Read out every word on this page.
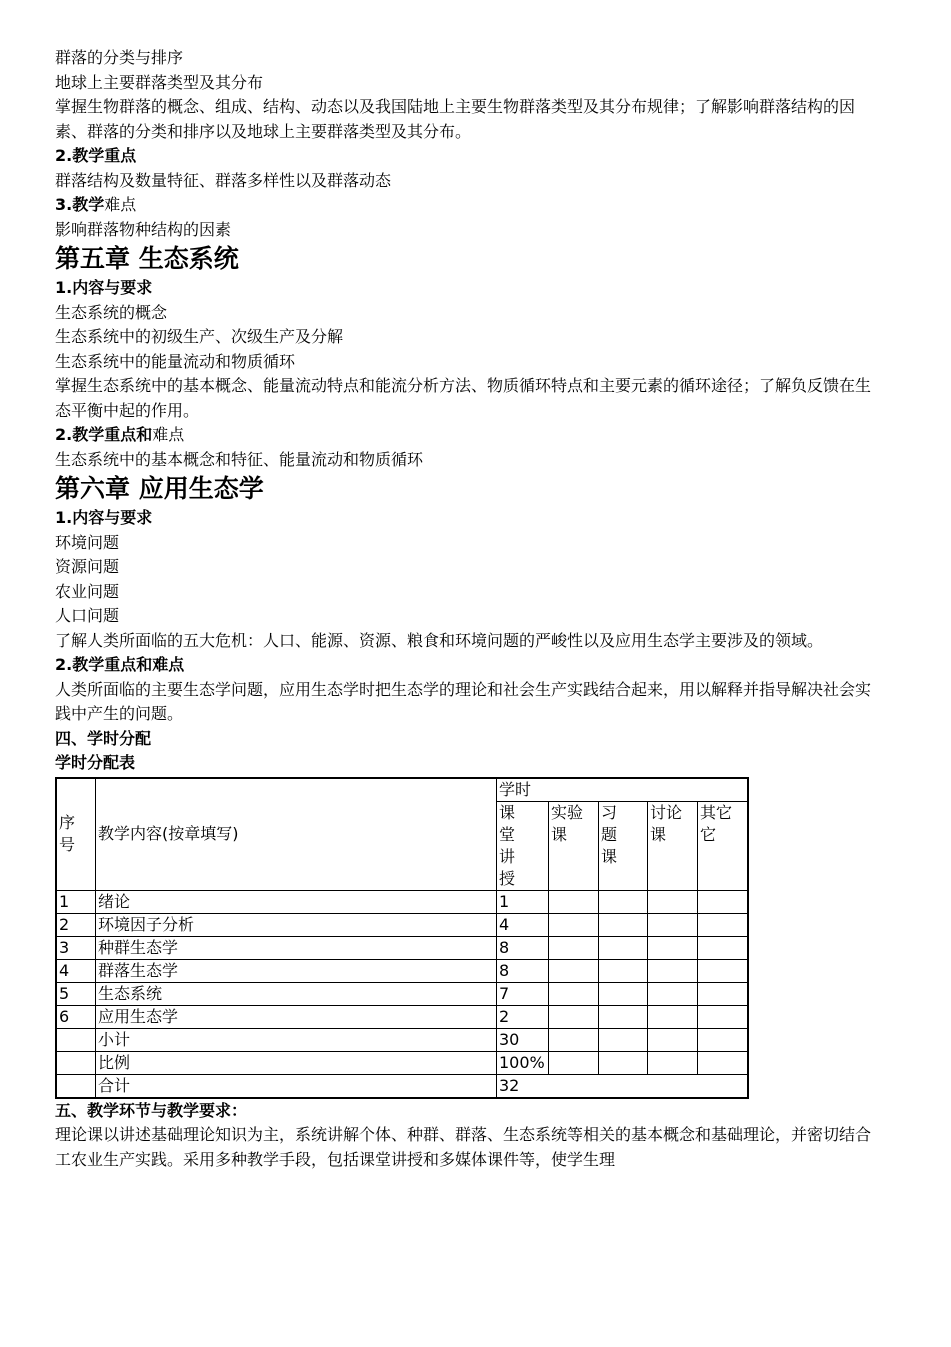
群落的分类与排序
地球上主要群落类型及其分布
掌握生物群落的概念、组成、结构、动态以及我国陆地上主要生物群落类型及其分布规律；了解影响群落结构的因素、群落的分类和排序以及地球上主要群落类型及其分布。
2.教学重点
群落结构及数量特征、群落多样性以及群落动态
3.教学难点
影响群落物种结构的因素
第五章 生态系统
1.内容与要求
生态系统的概念
生态系统中的初级生产、次级生产及分解
生态系统中的能量流动和物质循环
掌握生态系统中的基本概念、能量流动特点和能流分析方法、物质循环特点和主要元素的循环途径；了解负反馈在生态平衡中起的作用。
2.教学重点和难点
生态系统中的基本概念和特征、能量流动和物质循环
第六章 应用生态学
1.内容与要求
环境问题
资源问题
农业问题
人口问题
了解人类所面临的五大危机：人口、能源、资源、粮食和环境问题的严峻性以及应用生态学主要涉及的领域。
2.教学重点和难点
人类所面临的主要生态学问题，应用生态学时把生态学的理论和社会生产实践结合起来，用以解释并指导解决社会实践中产生的问题。
四、学时分配
学时分配表
序号	教学内容(按章填写)	学时				

		课堂讲授	实验课	习题课	讨论课	其它它
1	绪论	1				
2	环境因子分析	4				
3	种群生态学	8				
4	群落生态学	8				
5	生态系统	7				
6	应用生态学	2				
	小计	30				
	比例	100%				
	合计	32				
五、教学环节与教学要求：
理论课以讲述基础理论知识为主，系统讲解个体、种群、群落、生态系统等相关的基本概念和基础理论，并密切结合工农业生产实践。采用多种教学手段，包括课堂讲授和多媒体课件等，使学生理
